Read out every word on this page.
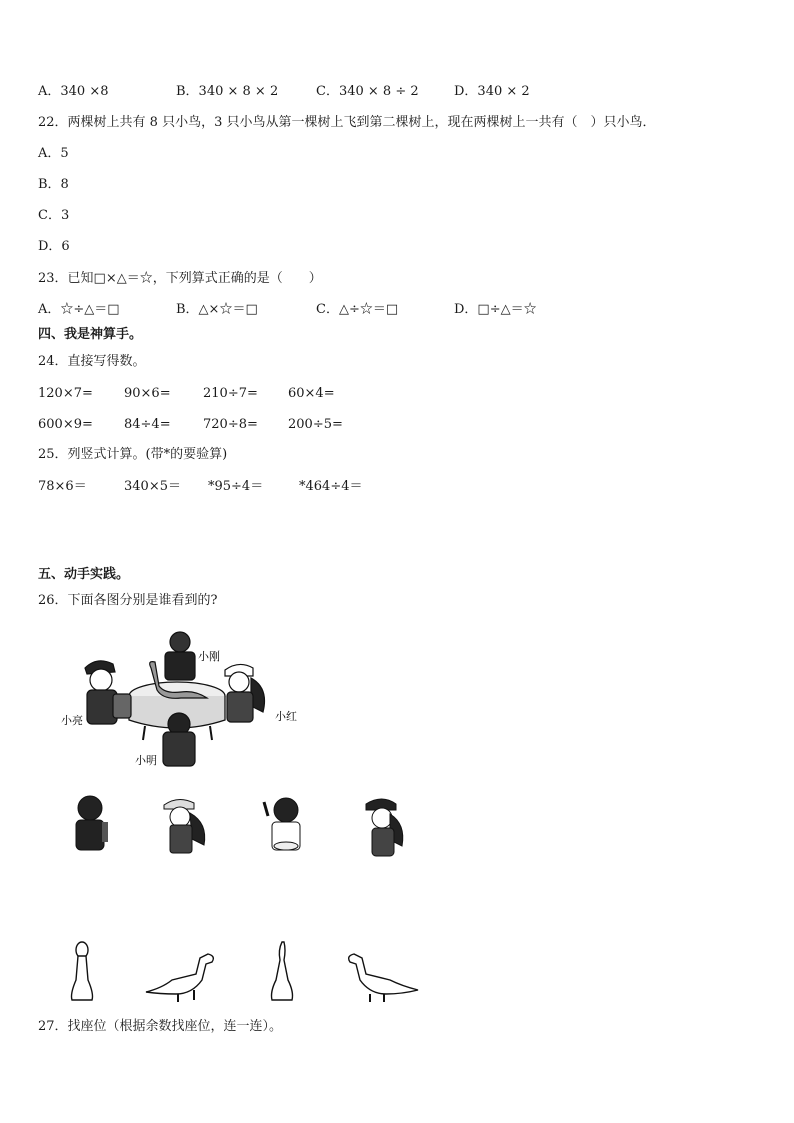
A．340 ×8	B．340 × 8 × 2	C．340 × 8 ÷ 2	D．340 × 2
22．两棵树上共有 8 只小鸟，3 只小鸟从第一棵树上飞到第二棵树上，现在两棵树上一共有（　）只小鸟．
A．5
B．8
C．3
D．6
23．已知□×△＝☆，下列算式正确的是（　　）
A．☆÷△＝□	B．△×☆＝□	C．△÷☆＝□	D．□÷△＝☆
四、我是神算手。
24．直接写得数。
120×7= 90×6= 210÷7= 60×4=
600×9= 84÷4= 720÷8= 200÷5=
25．列竖式计算。(带*的要验算)
78×6＝	340×5＝ *95÷4＝	*464÷4＝
五、动手实践。
26．下面各图分别是谁看到的?
小刚
小亮	小红
小明
27．找座位（根据余数找座位，连一连）。
